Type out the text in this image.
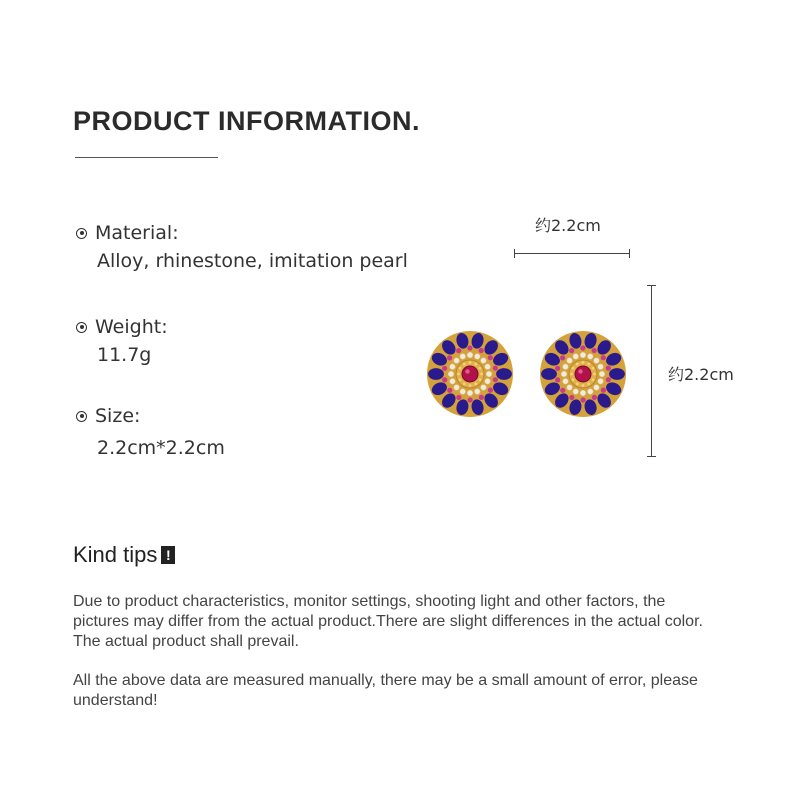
PRODUCT INFORMATION.
Material:
Alloy, rhinestone, imitation pearl
Weight:
11.7g
Size:
2.2cm*2.2cm
约2.2cm
约2.2cm
Kind tips !
Due to product characteristics, monitor settings, shooting light and other factors, the pictures may differ from the actual product.There are slight differences in the actual color. The actual product shall prevail.
All the above data are measured manually, there may be a small amount of error, please understand!
